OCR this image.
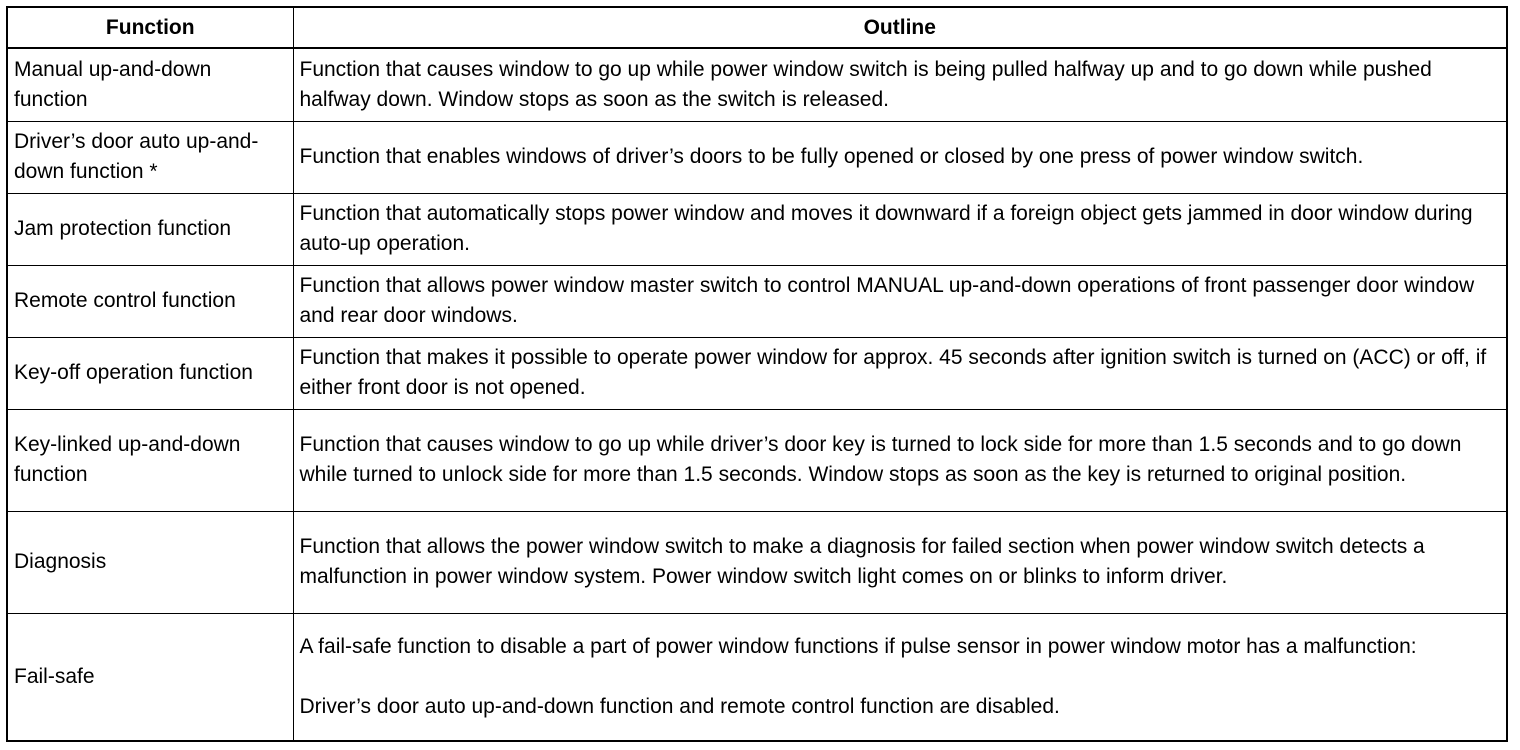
Function	Outline
Manual up-and-down function	Function that causes window to go up while power window switch is being pulled halfway up and to go down while pushed halfway down. Window stops as soon as the switch is released.
Driver’s door auto up-and-down function *	Function that enables windows of driver’s doors to be fully opened or closed by one press of power window switch.
Jam protection function	Function that automatically stops power window and moves it downward if a foreign object gets jammed in door window during auto-up operation.
Remote control function	Function that allows power window master switch to control MANUAL up-and-down operations of front passenger door window and rear door windows.
Key-off operation function	Function that makes it possible to operate power window for approx. 45 seconds after ignition switch is turned on (ACC) or off, if either front door is not opened.
Key-linked up-and-down function	Function that causes window to go up while driver’s door key is turned to lock side for more than 1.5 seconds and to go down while turned to unlock side for more than 1.5 seconds. Window stops as soon as the key is returned to original position.
Diagnosis	Function that allows the power window switch to make a diagnosis for failed section when power window switch detects a malfunction in power window system. Power window switch light comes on or blinks to inform driver.
Fail-safe	A fail-safe function to disable a part of power window functions if pulse sensor in power window motor has a malfunction:
Driver’s door auto up-and-down function and remote control function are disabled.
